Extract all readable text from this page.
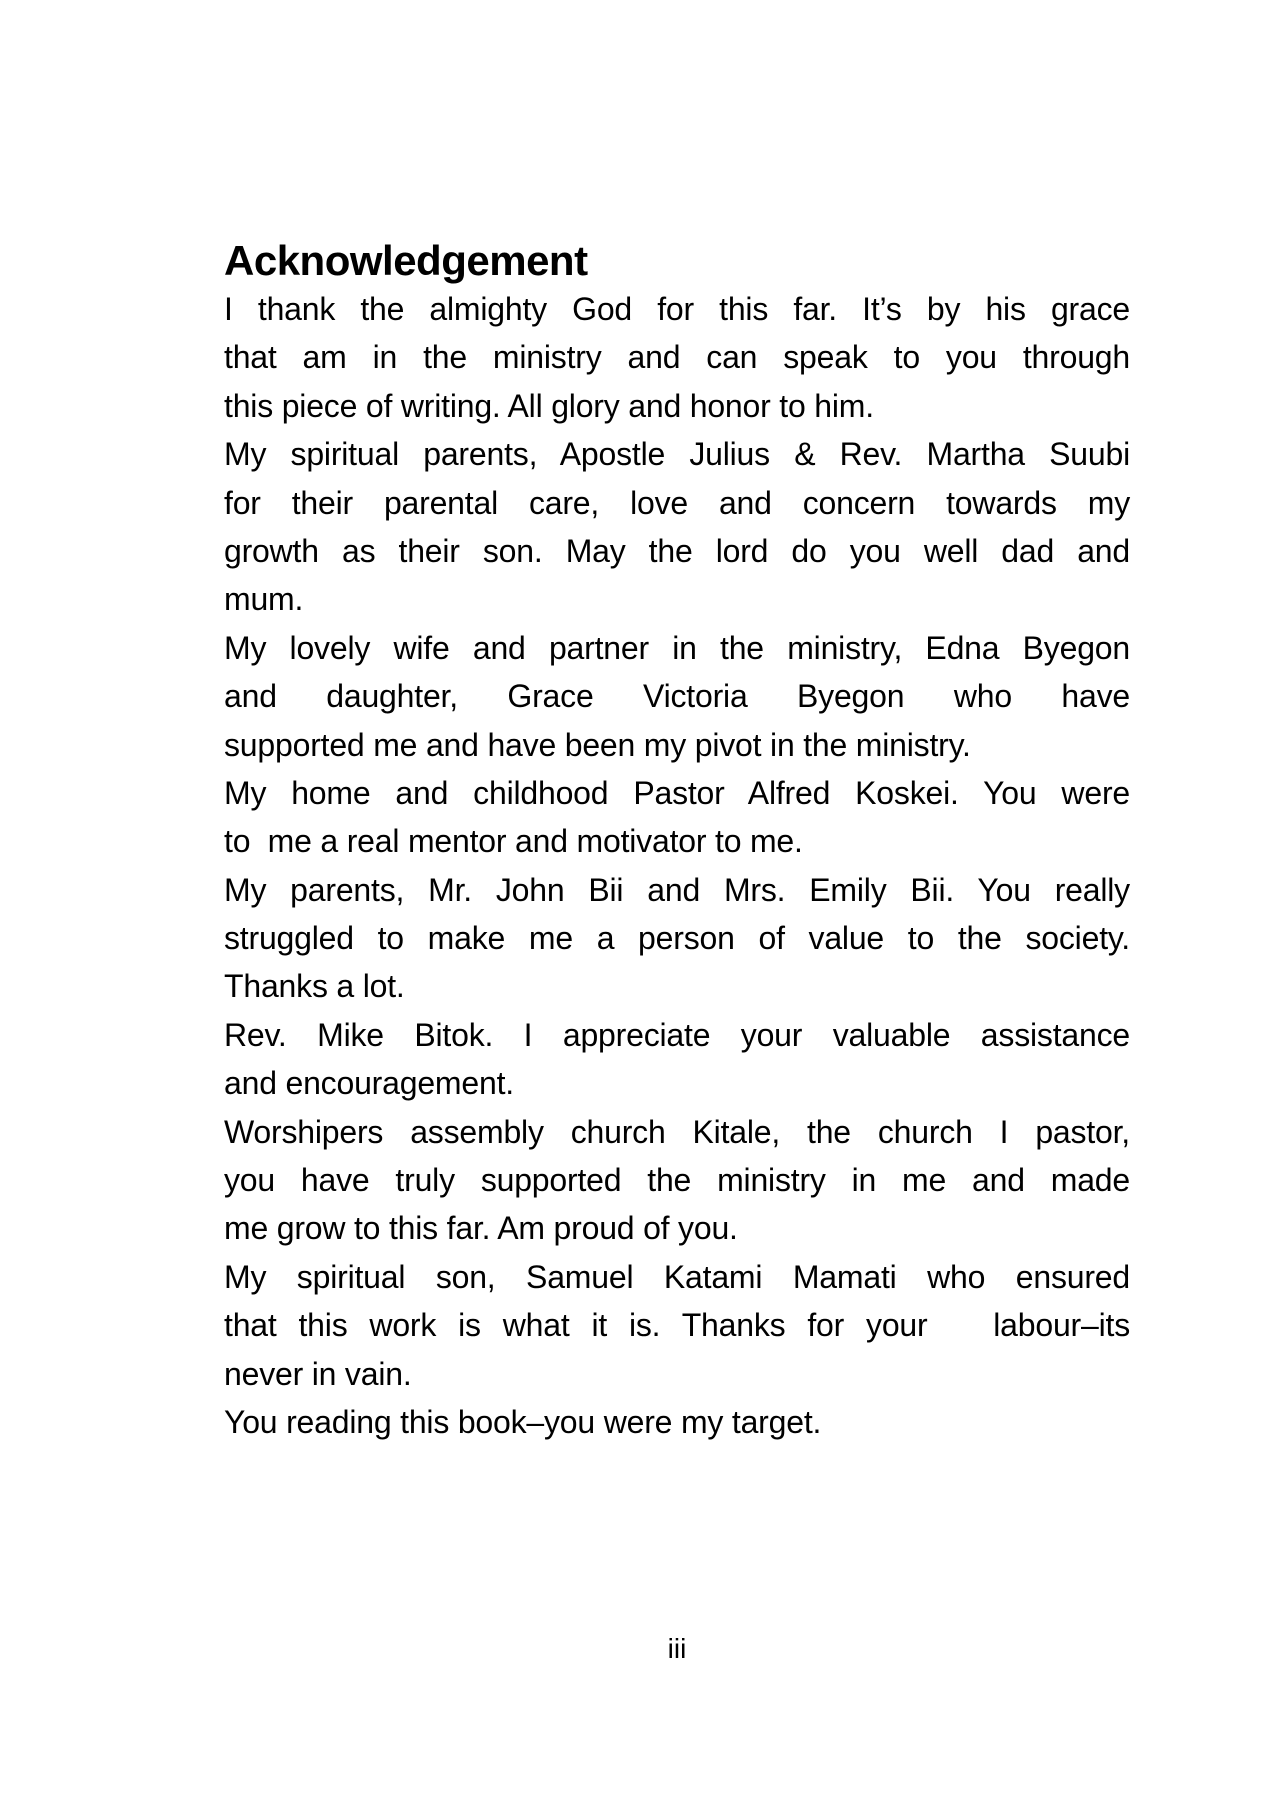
Acknowledgement
I thank the almighty God for this far. It’s by his grace
that am in the ministry and can speak to you through
this piece of writing. All glory and honor to him.
My spiritual parents, Apostle Julius & Rev. Martha Suubi
for their parental care, love and concern towards my
growth as their son. May the lord do you well dad and
mum.
My lovely wife and partner in the ministry, Edna Byegon
and daughter, Grace Victoria Byegon who have
supported me and have been my pivot in the ministry.
My home and childhood Pastor Alfred Koskei. You were
to  me a real mentor and motivator to me.
My parents, Mr. John Bii and Mrs. Emily Bii. You really
struggled to make me a person of value to the society.
Thanks a lot.
Rev. Mike Bitok. I appreciate your valuable assistance
and encouragement.
Worshipers assembly church Kitale, the church I pastor,
you have truly supported the ministry in me and made
me grow to this far. Am proud of you.
My spiritual son, Samuel Katami Mamati who ensured
that this work is what it is. Thanks for your   labour–its
never in vain.
You reading this book–you were my target.
iii
